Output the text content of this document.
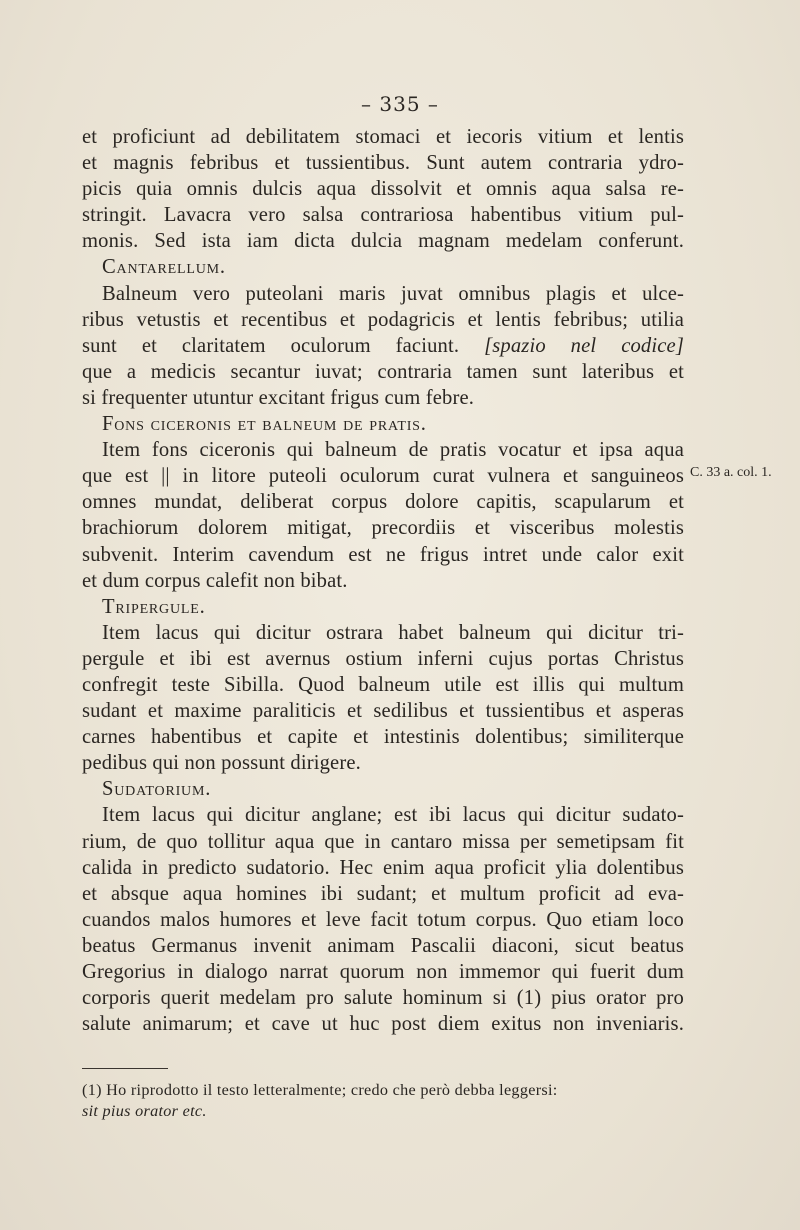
– 335 –
et proficiunt ad debilitatem stomaci et iecoris vitium et lentis
et magnis febribus et tussientibus. Sunt autem contraria ydro-
picis quia omnis dulcis aqua dissolvit et omnis aqua salsa re-
stringit. Lavacra vero salsa contrariosa habentibus vitium pul-
monis. Sed ista iam dicta dulcia magnam medelam conferunt.
Cantarellum.
Balneum vero puteolani maris juvat omnibus plagis et ulce-
ribus vetustis et recentibus et podagricis et lentis febribus; utilia
sunt et claritatem oculorum faciunt. [spazio nel codice]
que a medicis secantur iuvat; contraria tamen sunt lateribus et
si frequenter utuntur excitant frigus cum febre.
Fons ciceronis et balneum de pratis.
Item fons ciceronis qui balneum de pratis vocatur et ipsa aqua
que est || in litore puteoli oculorum curat vulnera et sanguineos
omnes mundat, deliberat corpus dolore capitis, scapularum et
brachiorum dolorem mitigat, precordiis et visceribus molestis
subvenit. Interim cavendum est ne frigus intret unde calor exit
et dum corpus calefit non bibat.
Tripergule.
Item lacus qui dicitur ostrara habet balneum qui dicitur tri-
pergule et ibi est avernus ostium inferni cujus portas Christus
confregit teste Sibilla. Quod balneum utile est illis qui multum
sudant et maxime paraliticis et sedilibus et tussientibus et asperas
carnes habentibus et capite et intestinis dolentibus; similiterque
pedibus qui non possunt dirigere.
Sudatorium.
Item lacus qui dicitur anglane; est ibi lacus qui dicitur sudato-
rium, de quo tollitur aqua que in cantaro missa per semetipsam fit
calida in predicto sudatorio. Hec enim aqua proficit ylia dolentibus
et absque aqua homines ibi sudant; et multum proficit ad eva-
cuandos malos humores et leve facit totum corpus. Quo etiam loco
beatus Germanus invenit animam Pascalii diaconi, sicut beatus
Gregorius in dialogo narrat quorum non immemor qui fuerit dum
corporis querit medelam pro salute hominum si (1) pius orator pro
salute animarum; et cave ut huc post diem exitus non inveniaris.
C. 33 a. col. 1.
(1) Ho riprodotto il testo letteralmente; credo che però debba leggersi:
sit pius orator etc.
